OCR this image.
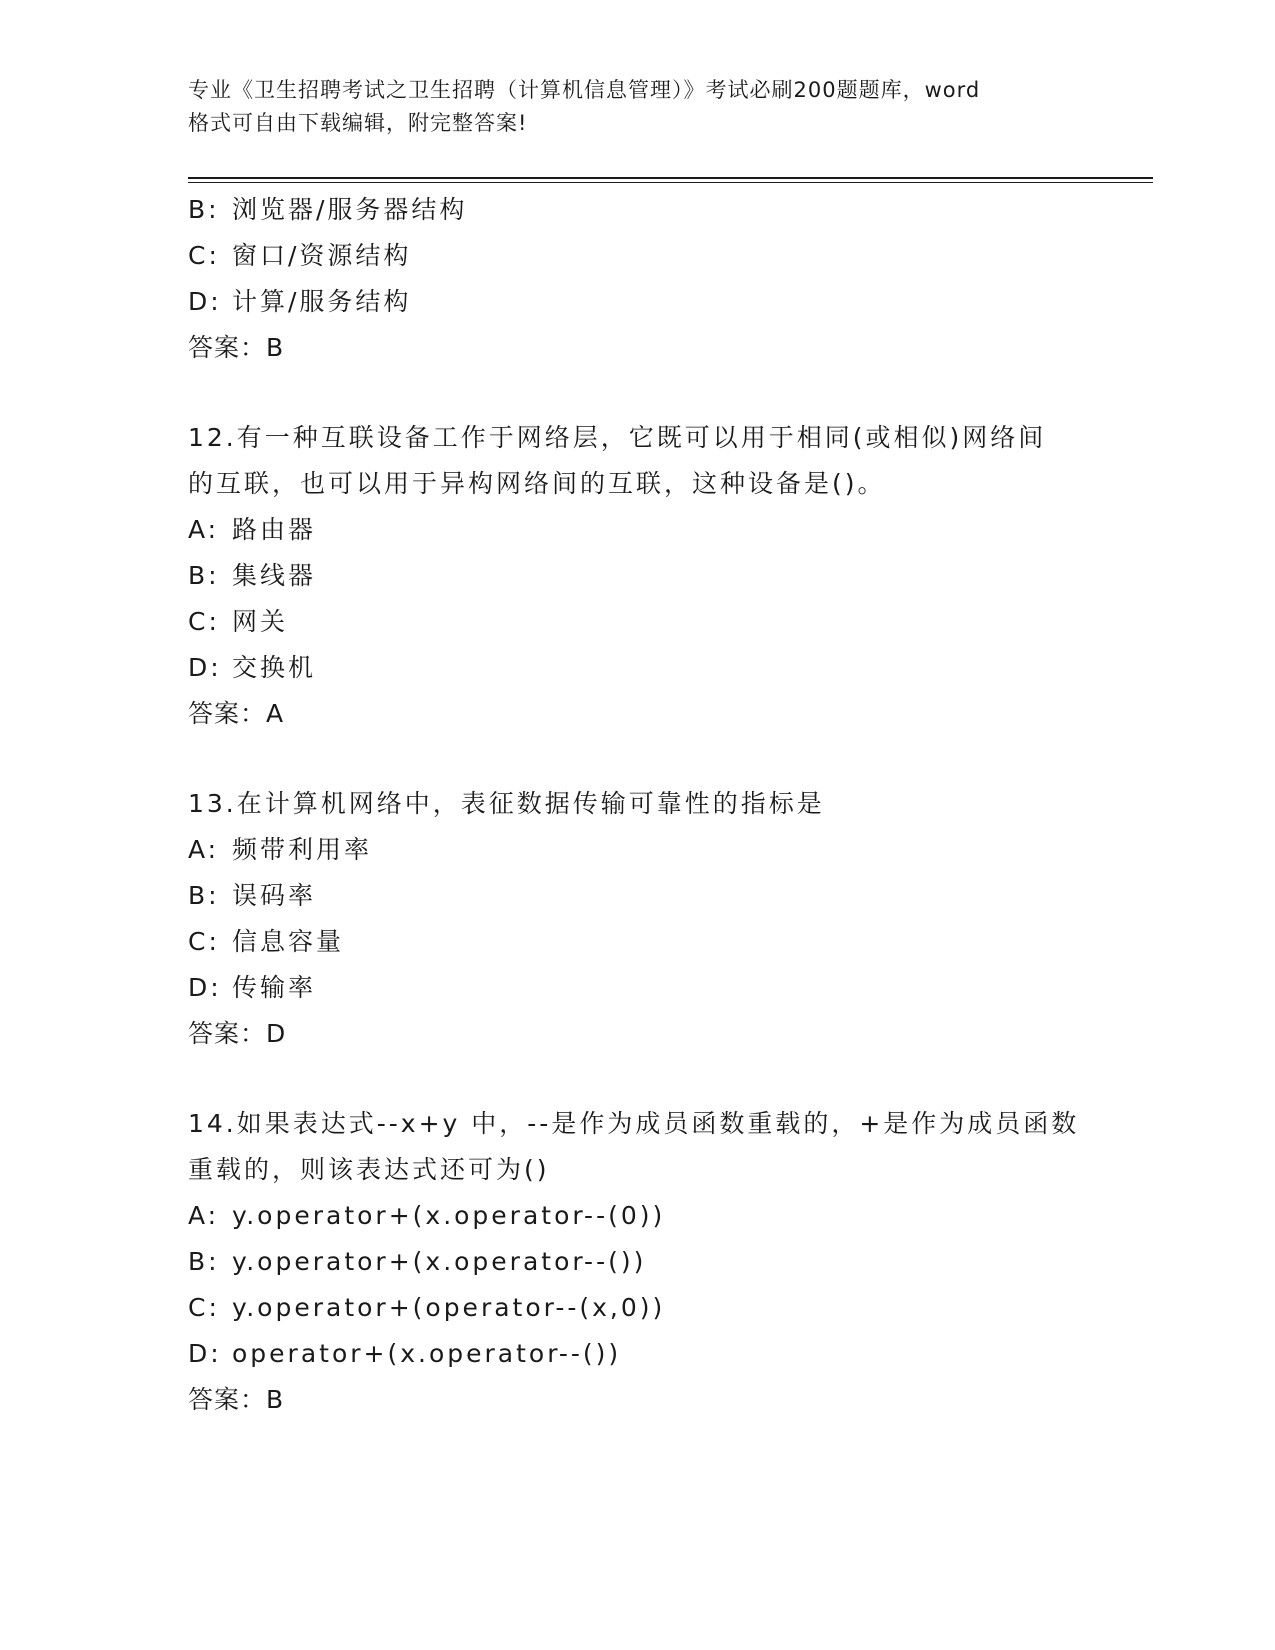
专业《卫生招聘考试之卫生招聘（计算机信息管理）》考试必刷200题题库，word
格式可自由下载编辑，附完整答案!
B: 浏览器/服务器结构
C: 窗口/资源结构
D: 计算/服务结构
答案：B
12.有一种互联设备工作于网络层，它既可以用于相同(或相似)网络间
的互联，也可以用于异构网络间的互联，这种设备是()。
A: 路由器
B: 集线器
C: 网关
D: 交换机
答案：A
13.在计算机网络中，表征数据传输可靠性的指标是
A: 频带利用率
B: 误码率
C: 信息容量
D: 传输率
答案：D
14.如果表达式--x+y 中，--是作为成员函数重载的，+是作为成员函数
重载的，则该表达式还可为()
A: y.operator+(x.operator--(0))
B: y.operator+(x.operator--())
C: y.operator+(operator--(x,0))
D: operator+(x.operator--())
答案：B
